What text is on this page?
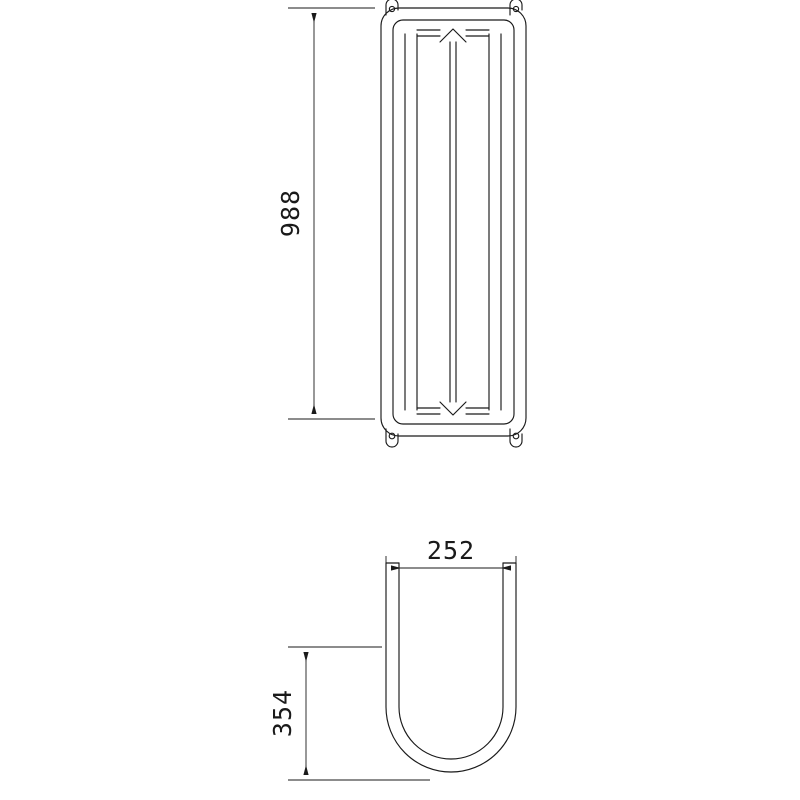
988
252
354
